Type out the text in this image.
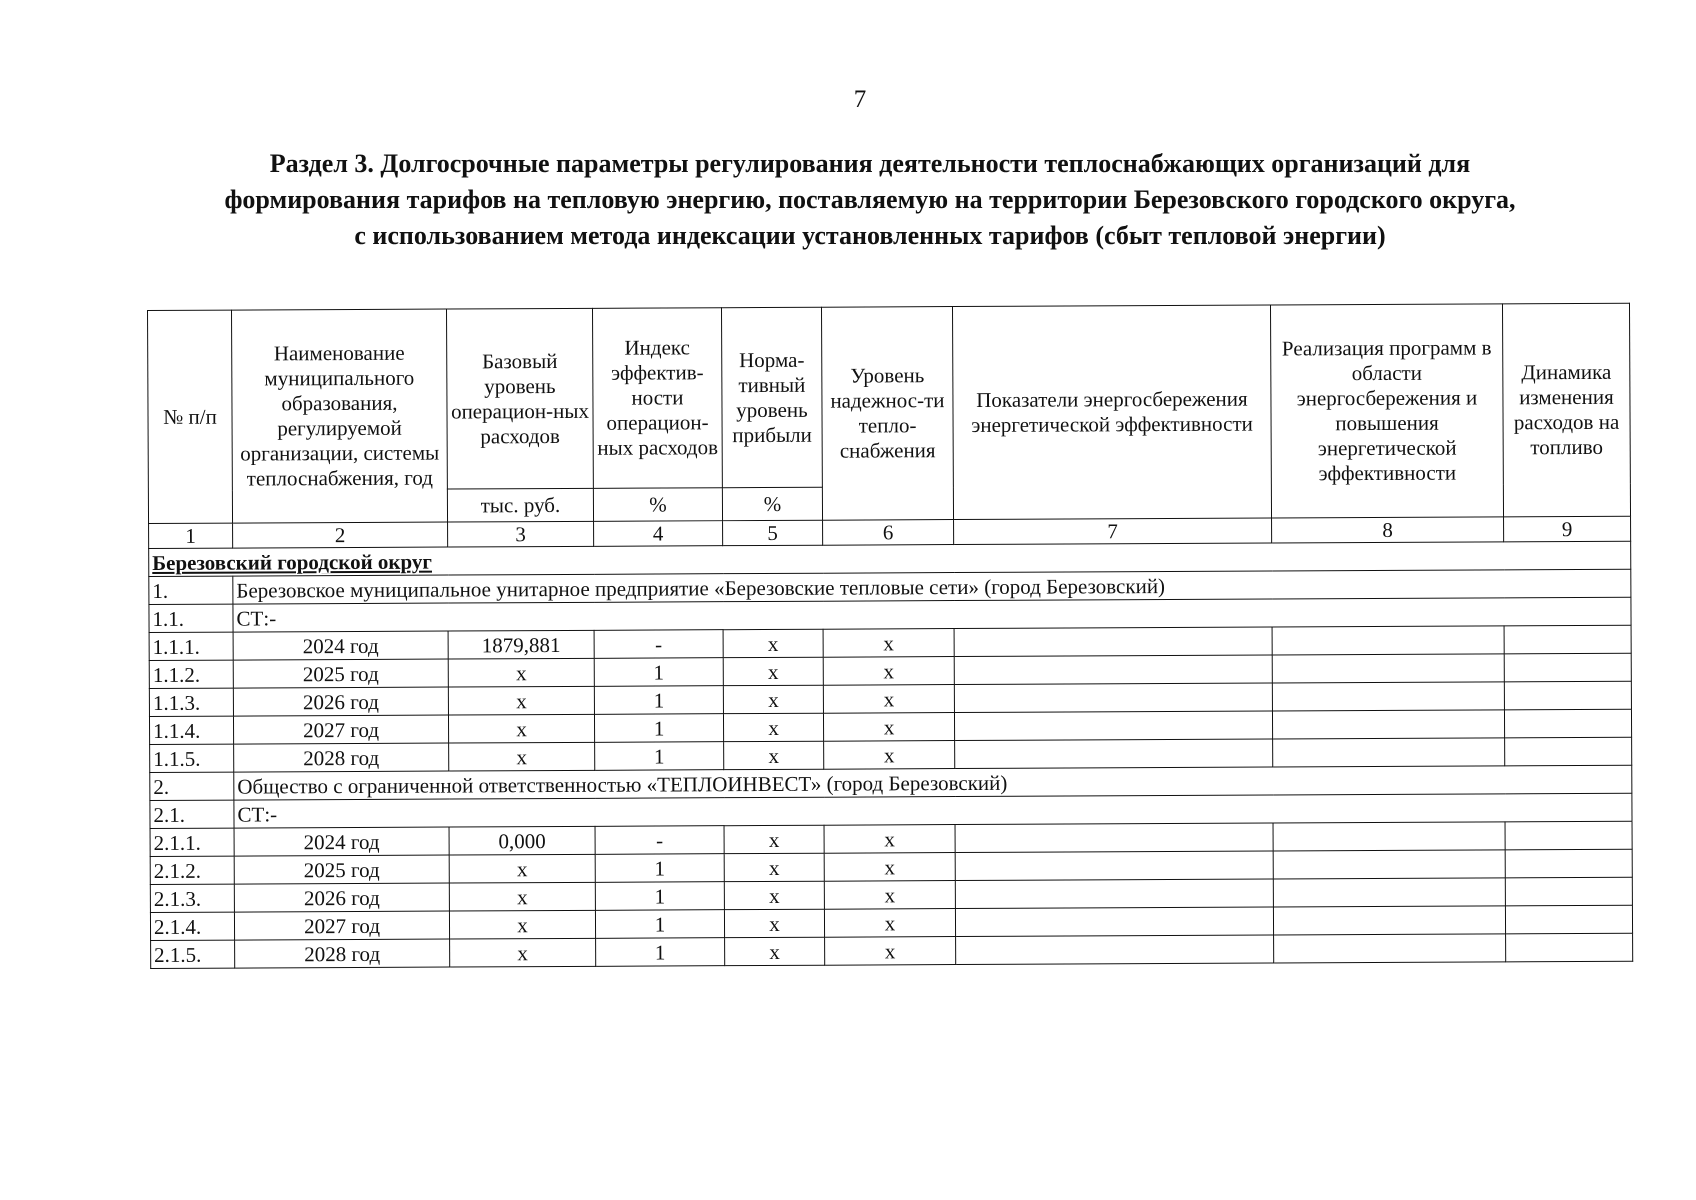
7
Раздел 3. Долгосрочные параметры регулирования деятельности теплоснабжающих организаций для
формирования тарифов на тепловую энергию, поставляемую на территории Березовского городского округа,
с использованием метода индексации установленных тарифов (сбыт тепловой энергии)
№ п/п	Наименование муниципального образования, регулируемой организации, системы теплоснабжения, год	Базовый уровень операцион-ных расходов	Индекс эффектив-ности операцион-ных расходов	Норма-тивный уровень прибыли	Уровень надежнос-ти тепло-снабжения	Показатели энергосбережения энергетической эффективности	Реализация программ в области энергосбережения и повышения энергетической эффективности	Динамика изменения расходов на топливо
		тыс. руб.	%	%				
1	2	3	4	5	6	7	8	9
Березовский городской округ								
1.	Березовское муниципальное унитарное предприятие «Березовские тепловые сети» (город Березовский)							
1.1.	СТ:-							
1.1.1.	2024 год	1879,881	-	x	x			
1.1.2.	2025 год	x	1	x	x			
1.1.3.	2026 год	x	1	x	x			
1.1.4.	2027 год	x	1	x	x			
1.1.5.	2028 год	x	1	x	x			
2.	Общество с ограниченной ответственностью «ТЕПЛОИНВЕСТ» (город Березовский)							
2.1.	СТ:-							
2.1.1.	2024 год	0,000	-	x	x			
2.1.2.	2025 год	x	1	x	x			
2.1.3.	2026 год	x	1	x	x			
2.1.4.	2027 год	x	1	x	x			
2.1.5.	2028 год	x	1	x	x			
